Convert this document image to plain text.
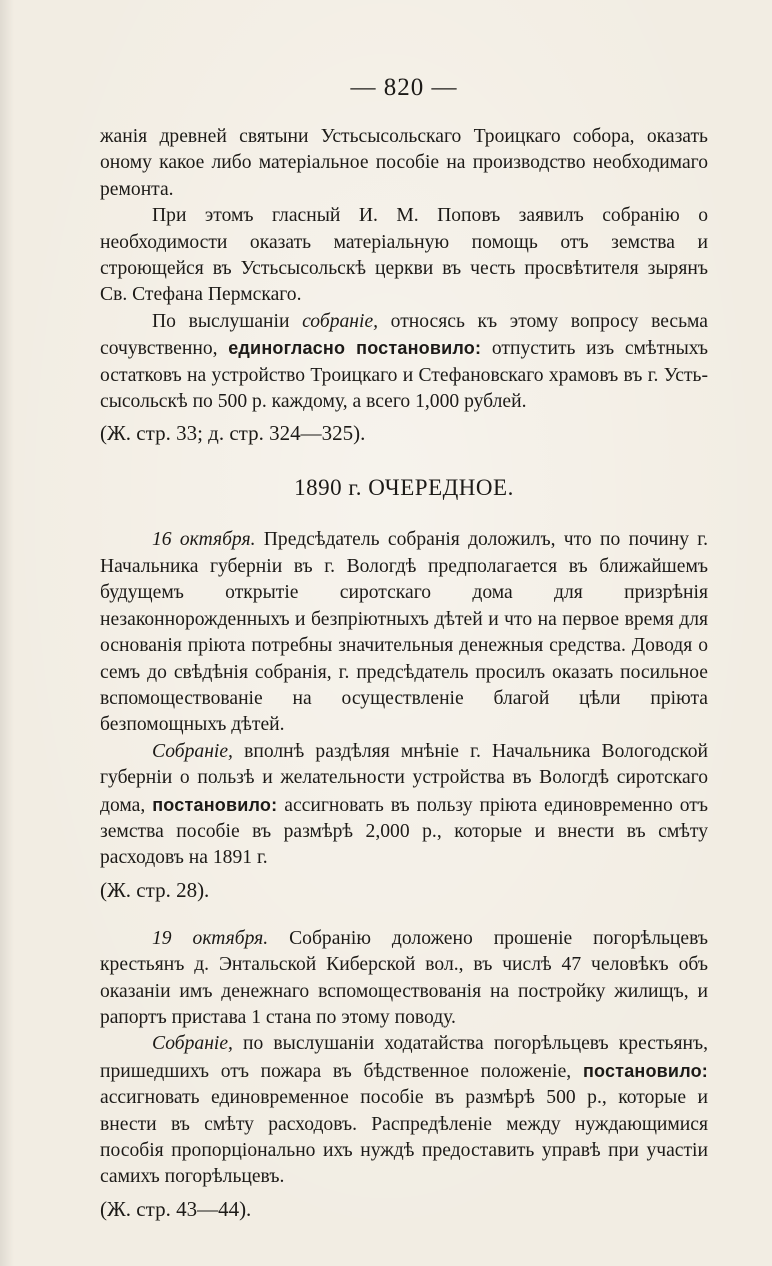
— 820 —

жанія древней святыни Устьсысольскаго Троицкаго собора, оказать оному какое либо матеріальное пособіе на производство необходимаго ремонта.

При этомъ гласный И. М. Поповъ заявилъ собранію о необходимости оказать матеріальную помощь отъ земства и строющейся въ Устьсысольскѣ церкви въ честь просвѣтителя зырянъ Св. Стефана Пермскаго.

По выслушаніи собраніе, относясь къ этому вопросу весьма сочувственно, единогласно постановило: отпустить изъ смѣтныхъ остатковъ на устройство Троицкаго и Стефановскаго храмовъ въ г. Усть-сысольскѣ по 500 р. каждому, а всего 1,000 рублей.

(Ж. стр. 33; д. стр. 324—325).

1890 г. ОЧЕРЕДНОЕ.

16 октября. Предсѣдатель собранія доложилъ, что по почину г. Начальника губерніи въ г. Вологдѣ предполагается въ ближайшемъ будущемъ открытіе сиротскаго дома для призрѣнія незаконнорожденныхъ и безпріютныхъ дѣтей и что на первое время для основанія пріюта потребны значительныя денежныя средства. Доводя о семъ до свѣдѣнія собранія, г. предсѣдатель просилъ оказать посильное вспомоществованіе на осуществленіе благой цѣли пріюта безпомощныхъ дѣтей.

Собраніе, вполнѣ раздѣляя мнѣніе г. Начальника Вологодской губерніи о пользѣ и желательности устройства въ Вологдѣ сиротскаго дома, постановило: ассигновать въ пользу пріюта единовременно отъ земства пособіе въ размѣрѣ 2,000 р., которые и внести въ смѣту расходовъ на 1891 г.

(Ж. стр. 28).

19 октября. Собранію доложено прошеніе погорѣльцевъ крестьянъ д. Энтальской Киберской вол., въ числѣ 47 человѣкъ объ оказаніи имъ денежнаго вспомоществованія на постройку жилищъ, и рапортъ пристава 1 стана по этому поводу.

Собраніе, по выслушаніи ходатайства погорѣльцевъ крестьянъ, пришедшихъ отъ пожара въ бѣдственное положеніе, постановило: ассигновать единовременное пособіе въ размѣрѣ 500 р., которые и внести въ смѣту расходовъ. Распредѣленіе между нуждающимися пособія пропорціонально ихъ нуждѣ предоставить управѣ при участіи самихъ погорѣльцевъ.

(Ж. стр. 43—44).
